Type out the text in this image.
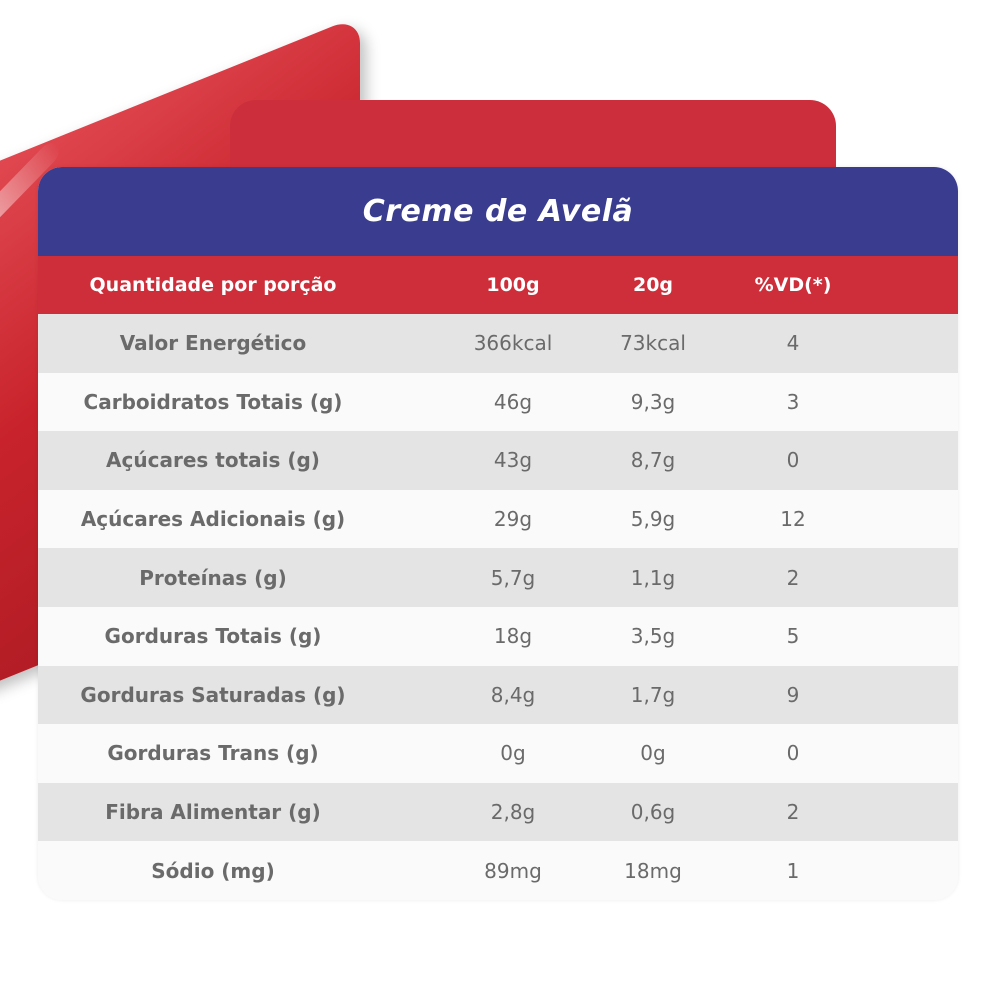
Creme de Avelã
Quantidade por porção	100g	20g	%VD(*)
Valor Energético	366kcal	73kcal	4
Carboidratos Totais (g)	46g	9,3g	3
Açúcares totais (g)	43g	8,7g	0
Açúcares Adicionais (g)	29g	5,9g	12
Proteínas (g)	5,7g	1,1g	2
Gorduras Totais (g)	18g	3,5g	5
Gorduras Saturadas (g)	8,4g	1,7g	9
Gorduras Trans (g)	0g	0g	0
Fibra Alimentar (g)	2,8g	0,6g	2
Sódio (mg)	89mg	18mg	1
